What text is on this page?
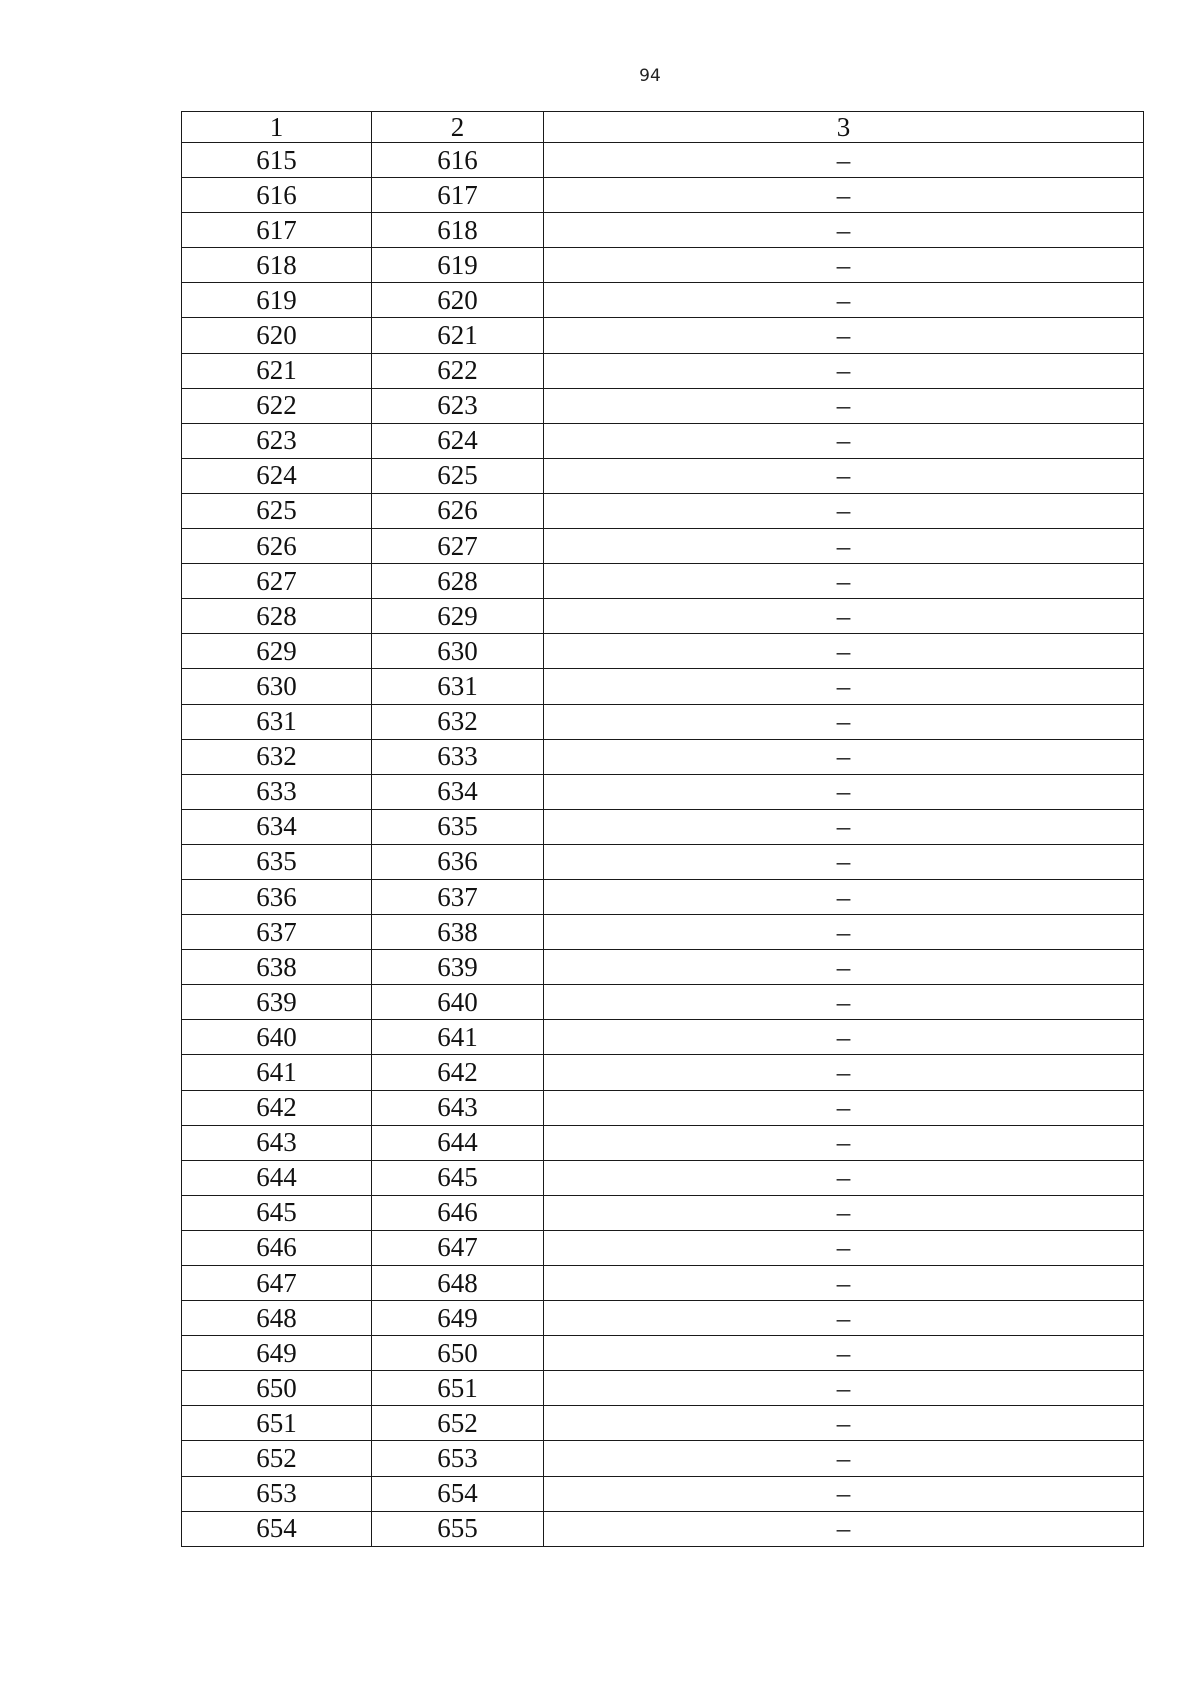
94
1	2	3
615	616	–
616	617	–
617	618	–
618	619	–
619	620	–
620	621	–
621	622	–
622	623	–
623	624	–
624	625	–
625	626	–
626	627	–
627	628	–
628	629	–
629	630	–
630	631	–
631	632	–
632	633	–
633	634	–
634	635	–
635	636	–
636	637	–
637	638	–
638	639	–
639	640	–
640	641	–
641	642	–
642	643	–
643	644	–
644	645	–
645	646	–
646	647	–
647	648	–
648	649	–
649	650	–
650	651	–
651	652	–
652	653	–
653	654	–
654	655	–
